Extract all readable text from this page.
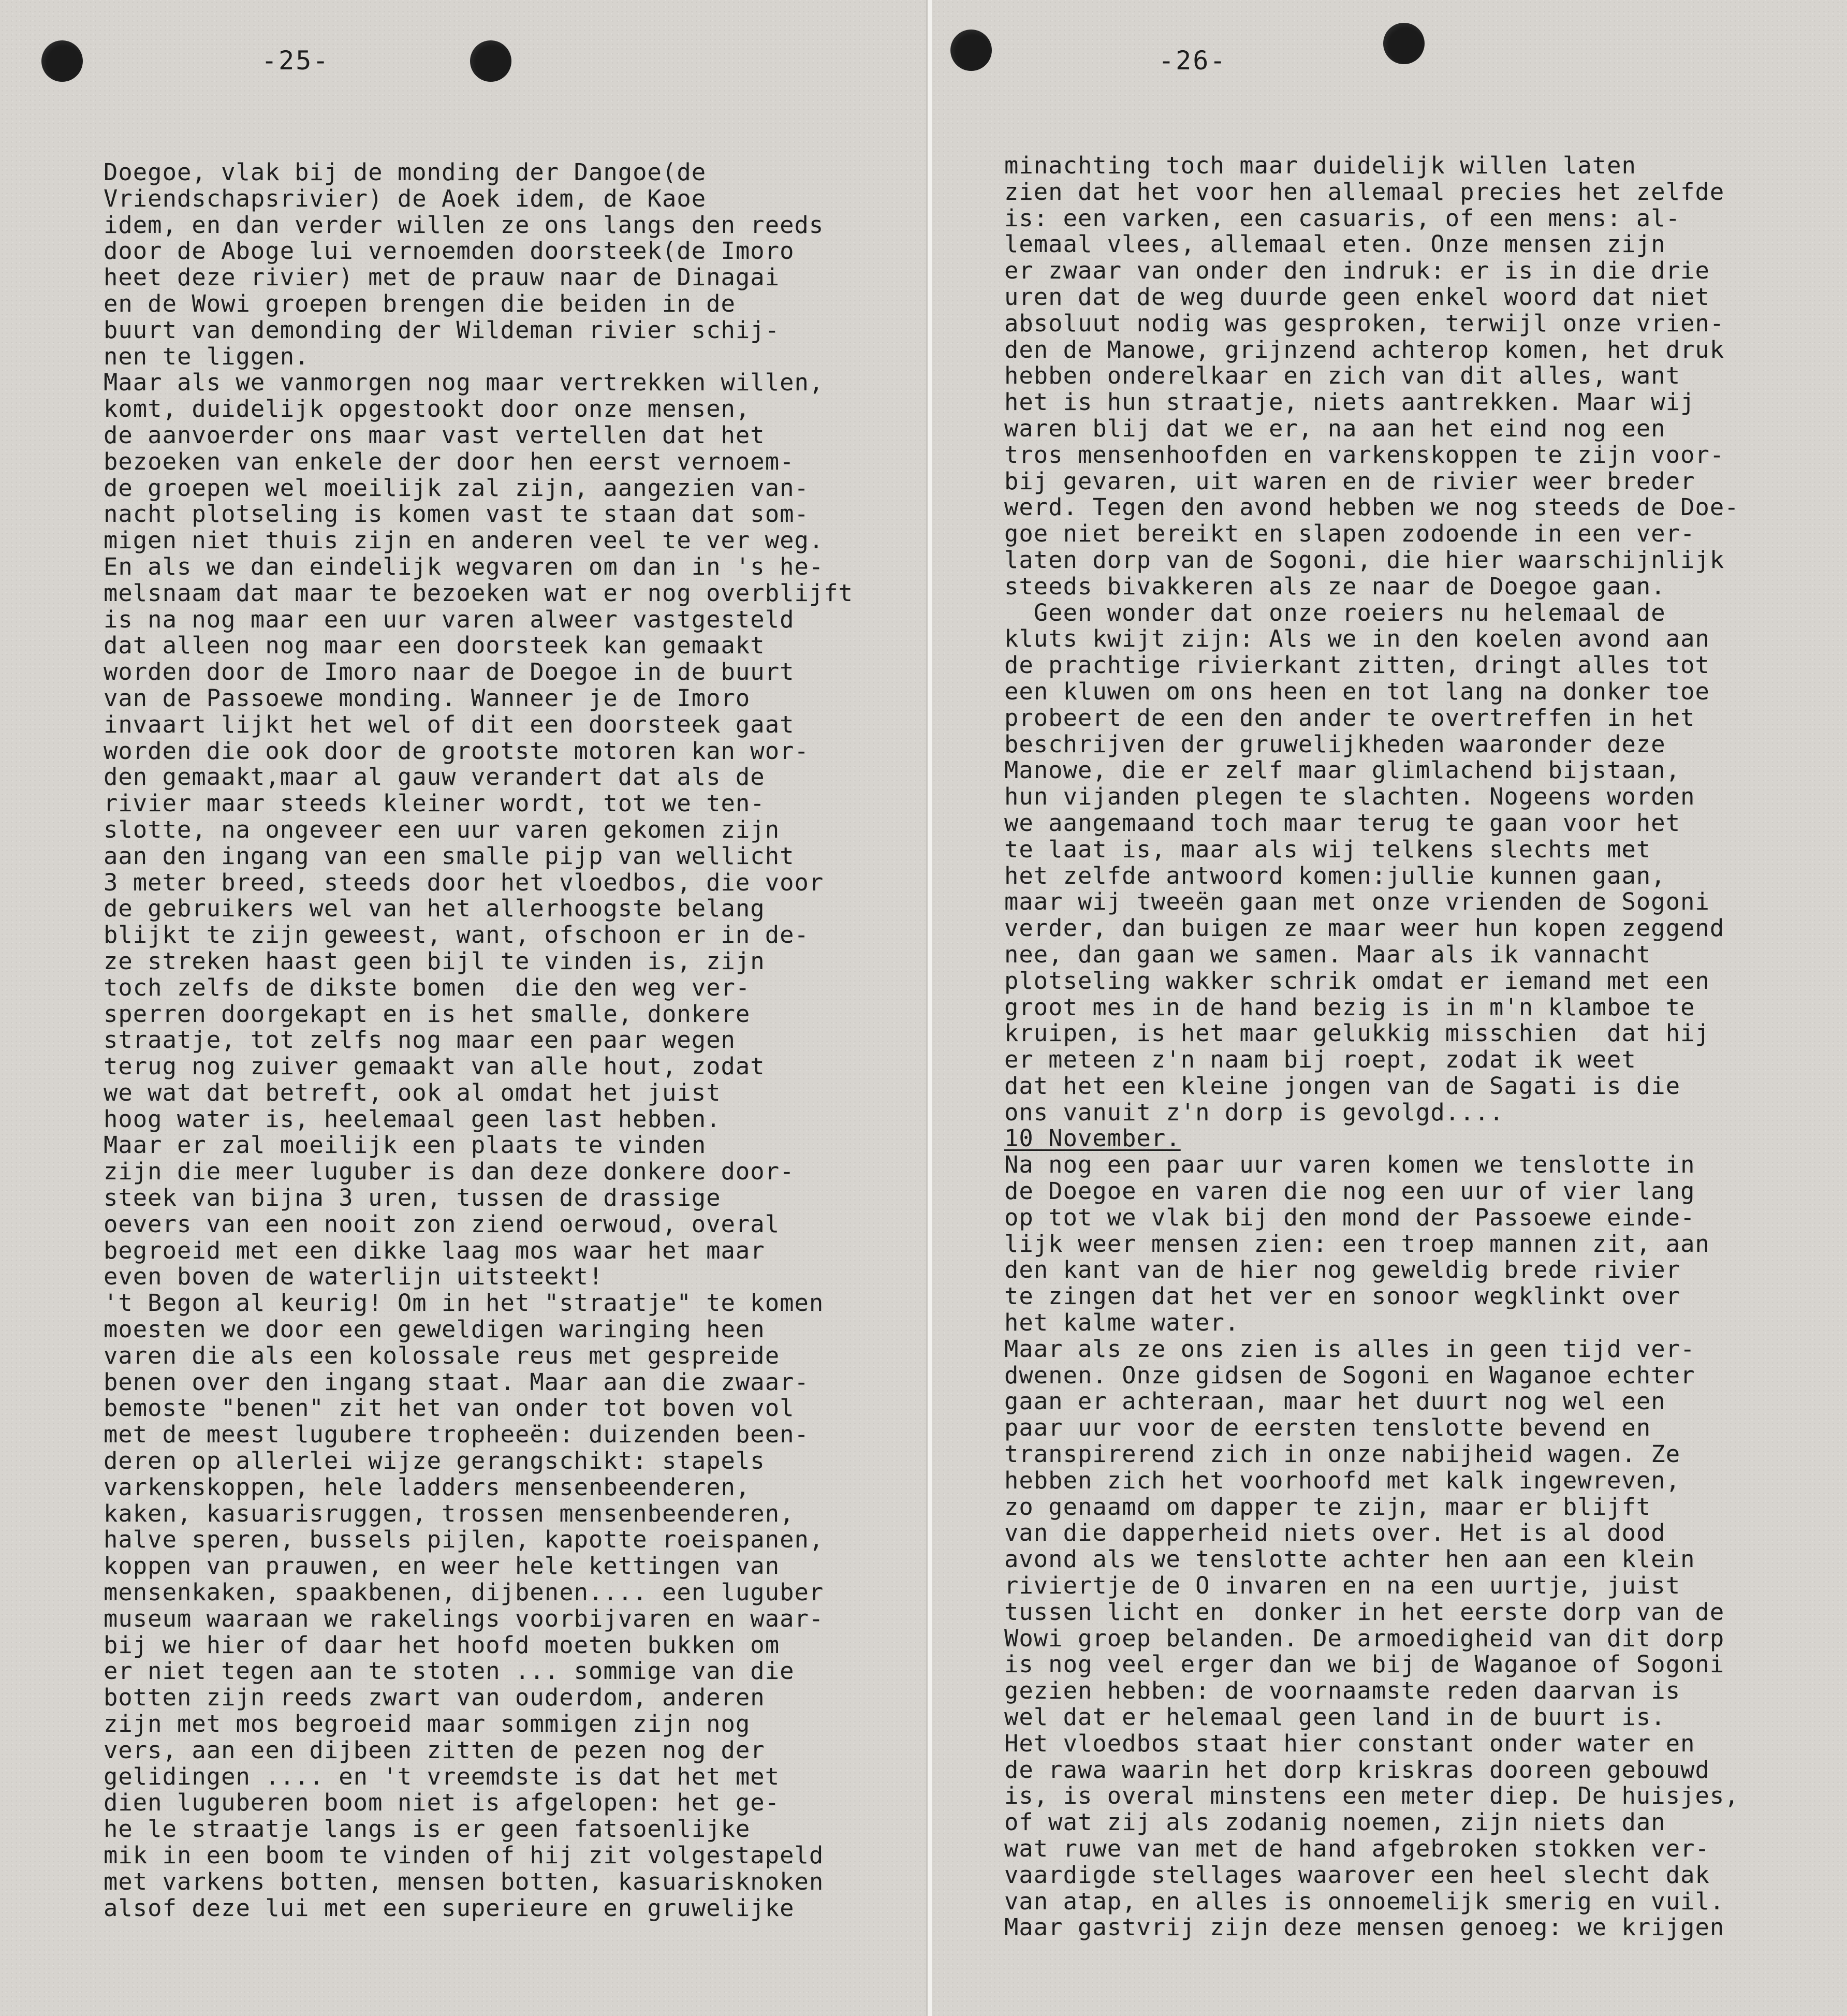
-25-
Doegoe, vlak bij de monding der Dangoe(de
Vriendschapsrivier) de Aoek idem, de Kaoe
idem, en dan verder willen ze ons langs den reeds
door de Aboge lui vernoemden doorsteek(de Imoro
heet deze rivier) met de prauw naar de Dinagai
en de Wowi groepen brengen die beiden in de
buurt van demonding der Wildeman rivier schij-
nen te liggen.
Maar als we vanmorgen nog maar vertrekken willen,
komt, duidelijk opgestookt door onze mensen,
de aanvoerder ons maar vast vertellen dat het
bezoeken van enkele der door hen eerst vernoem-
de groepen wel moeilijk zal zijn, aangezien van-
nacht plotseling is komen vast te staan dat som-
migen niet thuis zijn en anderen veel te ver weg.
En als we dan eindelijk wegvaren om dan in 's he-
melsnaam dat maar te bezoeken wat er nog overblijft
is na nog maar een uur varen alweer vastgesteld
dat alleen nog maar een doorsteek kan gemaakt
worden door de Imoro naar de Doegoe in de buurt
van de Passoewe monding. Wanneer je de Imoro
invaart lijkt het wel of dit een doorsteek gaat
worden die ook door de grootste motoren kan wor-
den gemaakt,maar al gauw verandert dat als de
rivier maar steeds kleiner wordt, tot we ten-
slotte, na ongeveer een uur varen gekomen zijn
aan den ingang van een smalle pijp van wellicht
3 meter breed, steeds door het vloedbos, die voor
de gebruikers wel van het allerhoogste belang
blijkt te zijn geweest, want, ofschoon er in de-
ze streken haast geen bijl te vinden is, zijn
toch zelfs de dikste bomen  die den weg ver-
sperren doorgekapt en is het smalle, donkere
straatje, tot zelfs nog maar een paar wegen
terug nog zuiver gemaakt van alle hout, zodat
we wat dat betreft, ook al omdat het juist
hoog water is, heelemaal geen last hebben.
Maar er zal moeilijk een plaats te vinden
zijn die meer luguber is dan deze donkere door-
steek van bijna 3 uren, tussen de drassige
oevers van een nooit zon ziend oerwoud, overal
begroeid met een dikke laag mos waar het maar
even boven de waterlijn uitsteekt!
't Begon al keurig! Om in het "straatje" te komen
moesten we door een geweldigen waringing heen
varen die als een kolossale reus met gespreide
benen over den ingang staat. Maar aan die zwaar-
bemoste "benen" zit het van onder tot boven vol
met de meest lugubere tropheeën: duizenden been-
deren op allerlei wijze gerangschikt: stapels
varkenskoppen, hele ladders mensenbeenderen,
kaken, kasuarisruggen, trossen mensenbeenderen,
halve speren, bussels pijlen, kapotte roeispanen,
koppen van prauwen, en weer hele kettingen van
mensenkaken, spaakbenen, dijbenen.... een luguber
museum waaraan we rakelings voorbijvaren en waar-
bij we hier of daar het hoofd moeten bukken om
er niet tegen aan te stoten ... sommige van die
botten zijn reeds zwart van ouderdom, anderen
zijn met mos begroeid maar sommigen zijn nog
vers, aan een dijbeen zitten de pezen nog der
gelidingen .... en 't vreemdste is dat het met
dien luguberen boom niet is afgelopen: het ge-
he le straatje langs is er geen fatsoenlijke
mik in een boom te vinden of hij zit volgestapeld
met varkens botten, mensen botten, kasuarisknoken
alsof deze lui met een superieure en gruwelijke
-26-
minachting toch maar duidelijk willen laten
zien dat het voor hen allemaal precies het zelfde
is: een varken, een casuaris, of een mens: al-
lemaal vlees, allemaal eten. Onze mensen zijn
er zwaar van onder den indruk: er is in die drie
uren dat de weg duurde geen enkel woord dat niet
absoluut nodig was gesproken, terwijl onze vrien-
den de Manowe, grijnzend achterop komen, het druk
hebben onderelkaar en zich van dit alles, want
het is hun straatje, niets aantrekken. Maar wij
waren blij dat we er, na aan het eind nog een
tros mensenhoofden en varkenskoppen te zijn voor-
bij gevaren, uit waren en de rivier weer breder
werd. Tegen den avond hebben we nog steeds de Doe-
goe niet bereikt en slapen zodoende in een ver-
laten dorp van de Sogoni, die hier waarschijnlijk
steeds bivakkeren als ze naar de Doegoe gaan.
Geen wonder dat onze roeiers nu helemaal de
kluts kwijt zijn: Als we in den koelen avond aan
de prachtige rivierkant zitten, dringt alles tot
een kluwen om ons heen en tot lang na donker toe
probeert de een den ander te overtreffen in het
beschrijven der gruwelijkheden waaronder deze
Manowe, die er zelf maar glimlachend bijstaan,
hun vijanden plegen te slachten. Nogeens worden
we aangemaand toch maar terug te gaan voor het
te laat is, maar als wij telkens slechts met
het zelfde antwoord komen:jullie kunnen gaan,
maar wij tweeën gaan met onze vrienden de Sogoni
verder, dan buigen ze maar weer hun kopen zeggend
nee, dan gaan we samen. Maar als ik vannacht
plotseling wakker schrik omdat er iemand met een
groot mes in de hand bezig is in m'n klamboe te
kruipen, is het maar gelukkig misschien  dat hij
er meteen z'n naam bij roept, zodat ik weet
dat het een kleine jongen van de Sagati is die
ons vanuit z'n dorp is gevolgd....
10 November.
Na nog een paar uur varen komen we tenslotte in
de Doegoe en varen die nog een uur of vier lang
op tot we vlak bij den mond der Passoewe einde-
lijk weer mensen zien: een troep mannen zit, aan
den kant van de hier nog geweldig brede rivier
te zingen dat het ver en sonoor wegklinkt over
het kalme water.
Maar als ze ons zien is alles in geen tijd ver-
dwenen. Onze gidsen de Sogoni en Waganoe echter
gaan er achteraan, maar het duurt nog wel een
paar uur voor de eersten tenslotte bevend en
transpirerend zich in onze nabijheid wagen. Ze
hebben zich het voorhoofd met kalk ingewreven,
zo genaamd om dapper te zijn, maar er blijft
van die dapperheid niets over. Het is al dood
avond als we tenslotte achter hen aan een klein
riviertje de O invaren en na een uurtje, juist
tussen licht en  donker in het eerste dorp van de
Wowi groep belanden. De armoedigheid van dit dorp
is nog veel erger dan we bij de Waganoe of Sogoni
gezien hebben: de voornaamste reden daarvan is
wel dat er helemaal geen land in de buurt is.
Het vloedbos staat hier constant onder water en
de rawa waarin het dorp kriskras dooreen gebouwd
is, is overal minstens een meter diep. De huisjes,
of wat zij als zodanig noemen, zijn niets dan
wat ruwe van met de hand afgebroken stokken ver-
vaardigde stellages waarover een heel slecht dak
van atap, en alles is onnoemelijk smerig en vuil.
Maar gastvrij zijn deze mensen genoeg: we krijgen
